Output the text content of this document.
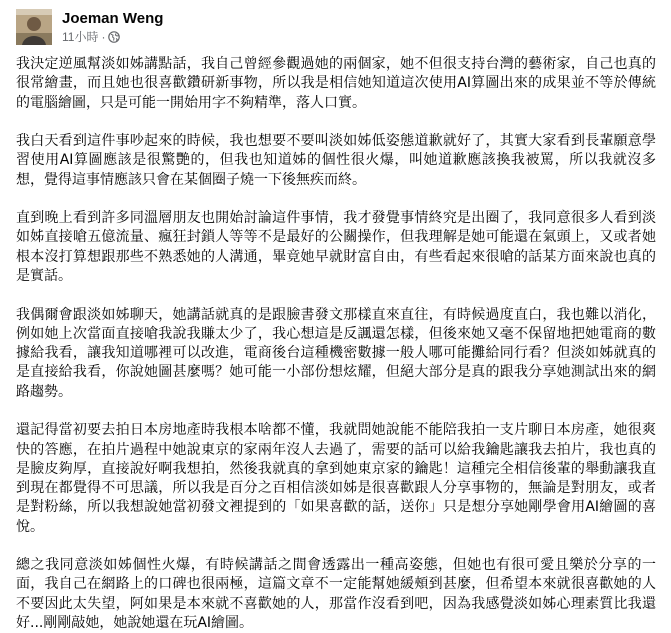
Joeman Weng
11小時 ·

我決定逆風幫淡如姊講點話，我自己曾經參觀過她的兩個家，她不但很支持台灣的藝術家，自己也真的很常繪畫，而且她也很喜歡鑽研新事物，所以我是相信她知道這次使用AI算圖出來的成果並不等於傳統的電腦繪圖，只是可能一開始用字不夠精準，落人口實。

我白天看到這件事吵起來的時候，我也想要不要叫淡如姊低姿態道歉就好了，其實大家看到長輩願意學習使用AI算圖應該是很驚艷的，但我也知道姊的個性很火爆，叫她道歉應該換我被罵，所以我就沒多想，覺得這事情應該只會在某個圈子燒一下後無疾而終。

直到晚上看到許多同溫層朋友也開始討論這件事情，我才發覺事情終究是出圈了，我同意很多人看到淡如姊直接嗆五億流量、瘋狂封鎖人等等不是最好的公關操作，但我理解是她可能還在氣頭上，又或者她根本沒打算想跟那些不熟悉她的人溝通，畢竟她早就財富自由，有些看起來很嗆的話某方面來說也真的是實話。

我偶爾會跟淡如姊聊天，她講話就真的是跟臉書發文那樣直來直往，有時候過度直白，我也難以消化，例如她上次當面直接嗆我說我賺太少了，我心想這是反諷還怎樣，但後來她又毫不保留地把她電商的數據給我看，讓我知道哪裡可以改進，電商後台這種機密數據一般人哪可能攤給同行看？但淡如姊就真的是直接給我看，你說她圖甚麼嗎？她可能一小部份想炫耀，但絕大部分是真的跟我分享她測試出來的網路趨勢。

還記得當初要去拍日本房地產時我根本啥都不懂，我就問她說能不能陪我拍一支片聊日本房產，她很爽快的答應，在拍片過程中她說東京的家兩年沒人去過了，需要的話可以給我鑰匙讓我去拍片，我也真的是臉皮夠厚，直接說好啊我想拍，然後我就真的拿到她東京家的鑰匙！這種完全相信後輩的舉動讓我直到現在都覺得不可思議，所以我是百分之百相信淡如姊是很喜歡跟人分享事物的，無論是對朋友，或者是對粉絲，所以我想說她當初發文裡提到的「如果喜歡的話，送你」只是想分享她剛學會用AI繪圖的喜悅。

總之我同意淡如姊個性火爆，有時候講話之間會透露出一種高姿態，但她也有很可愛且樂於分享的一面，我自己在網路上的口碑也很兩極，這篇文章不一定能幫她緩頰到甚麼，但希望本來就很喜歡她的人不要因此太失望，阿如果是本來就不喜歡她的人，那當作沒看到吧，因為我感覺淡如姊心理素質比我還好...剛剛敲她，她說她還在玩AI繪圖。
